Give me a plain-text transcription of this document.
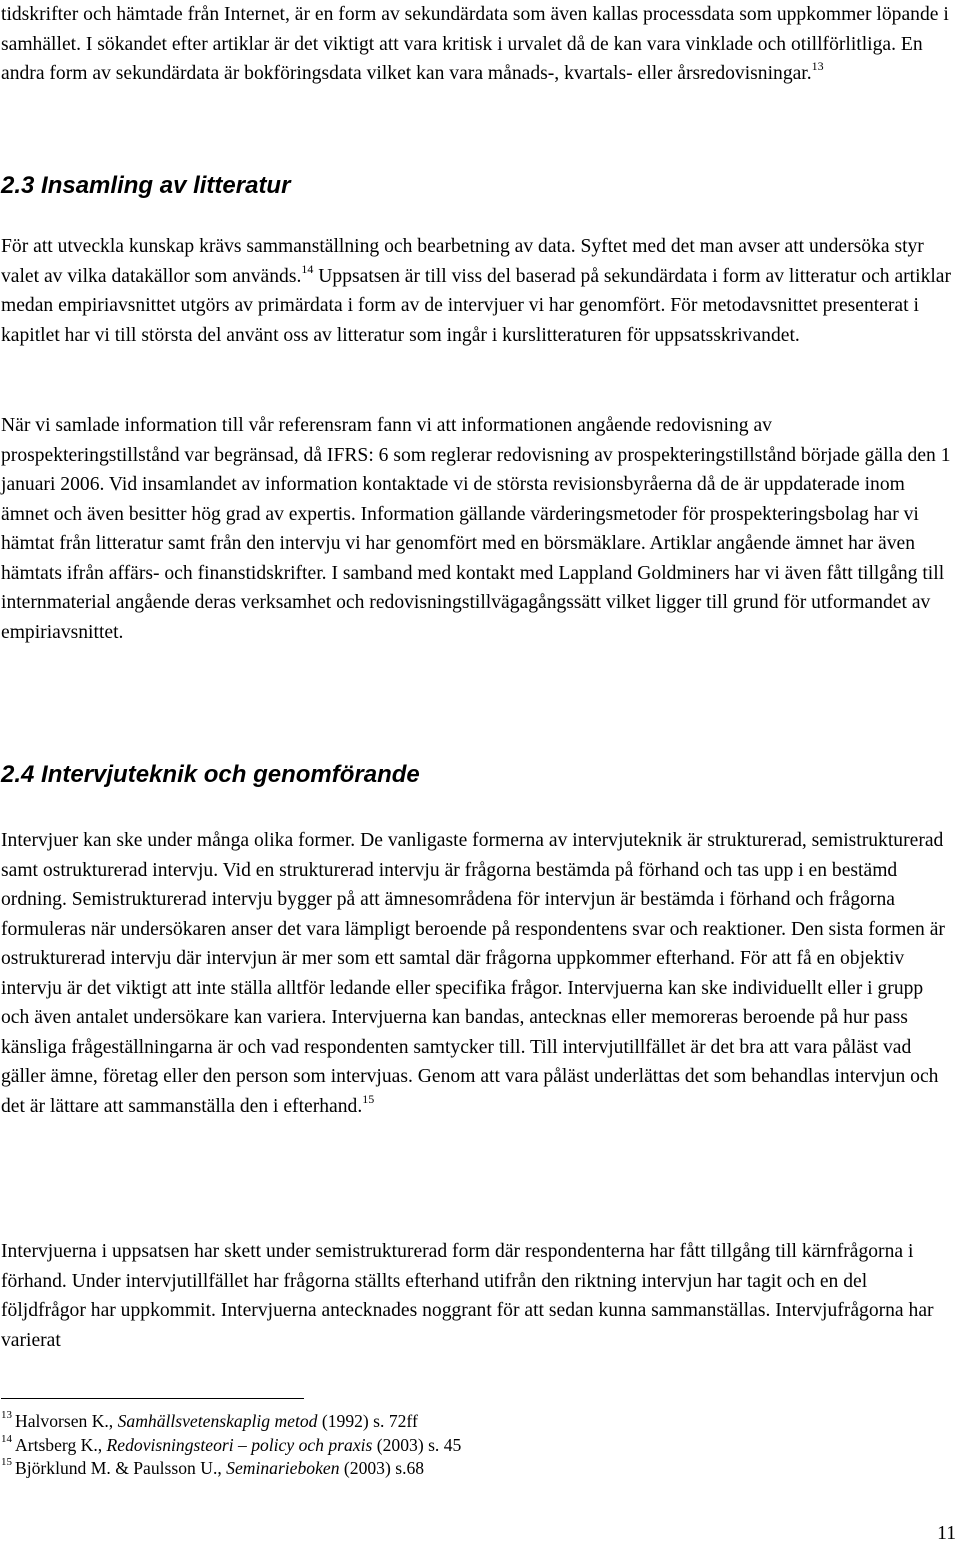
tidskrifter och hämtade från Internet, är en form av sekundärdata som även kallas processdata som uppkommer löpande i samhället. I sökandet efter artiklar är det viktigt att vara kritisk i urvalet då de kan vara vinklade och otillförlitliga. En andra form av sekundärdata är bokföringsdata vilket kan vara månads-, kvartals- eller årsredovisningar.$^{13}$

2.3 Insamling av litteratur

För att utveckla kunskap krävs sammanställning och bearbetning av data. Syftet med det man avser att undersöka styr valet av vilka datakällor som används.$^{14}$ Uppsatsen är till viss del baserad på sekundärdata i form av litteratur och artiklar medan empiriavsnittet utgörs av primärdata i form av de intervjuer vi har genomfört. För metodavsnittet presenterat i kapitlet har vi till största del använt oss av litteratur som ingår i kurslitteraturen för uppsatsskrivandet.

När vi samlade information till vår referensram fann vi att informationen angående redovisning av prospekteringstillstånd var begränsad, då IFRS: 6 som reglerar redovisning av prospekteringstillstånd började gälla den 1 januari 2006. Vid insamlandet av information kontaktade vi de största revisionsbyråerna då de är uppdaterade inom ämnet och även besitter hög grad av expertis. Information gällande värderingsmetoder för prospekteringsbolag har vi hämtat från litteratur samt från den intervju vi har genomfört med en börsmäklare. Artiklar angående ämnet har även hämtats ifrån affärs- och finanstidskrifter. I samband med kontakt med Lappland Goldminers har vi även fått tillgång till internmaterial angående deras verksamhet och redovisningstillvägagångssätt vilket ligger till grund för utformandet av empiriavsnittet.

2.4 Intervjuteknik och genomförande

Intervjuer kan ske under många olika former. De vanligaste formerna av intervjuteknik är strukturerad, semistrukturerad samt ostrukturerad intervju. Vid en strukturerad intervju är frågorna bestämda på förhand och tas upp i en bestämd ordning. Semistrukturerad intervju bygger på att ämnesområdena för intervjun är bestämda i förhand och frågorna formuleras när undersökaren anser det vara lämpligt beroende på respondentens svar och reaktioner. Den sista formen är ostrukturerad intervju där intervjun är mer som ett samtal där frågorna uppkommer efterhand. För att få en objektiv intervju är det viktigt att inte ställa alltför ledande eller specifika frågor. Intervjuerna kan ske individuellt eller i grupp och även antalet undersökare kan variera. Intervjuerna kan bandas, antecknas eller memoreras beroende på hur pass känsliga frågeställningarna är och vad respondenten samtycker till. Till intervjutillfället är det bra att vara påläst vad gäller ämne, företag eller den person som intervjuas. Genom att vara påläst underlättas det som behandlas intervjun och det är lättare att sammanställa den i efterhand.$^{15}$

Intervjuerna i uppsatsen har skett under semistrukturerad form där respondenterna har fått tillgång till kärnfrågorna i förhand. Under intervjutillfället har frågorna ställts efterhand utifrån den riktning intervjun har tagit och en del följdfrågor har uppkommit. Intervjuerna antecknades noggrant för att sedan kunna sammanställas. Intervjufrågorna har varierat

$^{13}$ Halvorsen K., Samhällsvetenskaplig metod (1992) s. 72ff
$^{14}$ Artsberg K., Redovisningsteori – policy och praxis (2003) s. 45
$^{15}$ Björklund M. & Paulsson U., Seminarieboken (2003) s.68
11
